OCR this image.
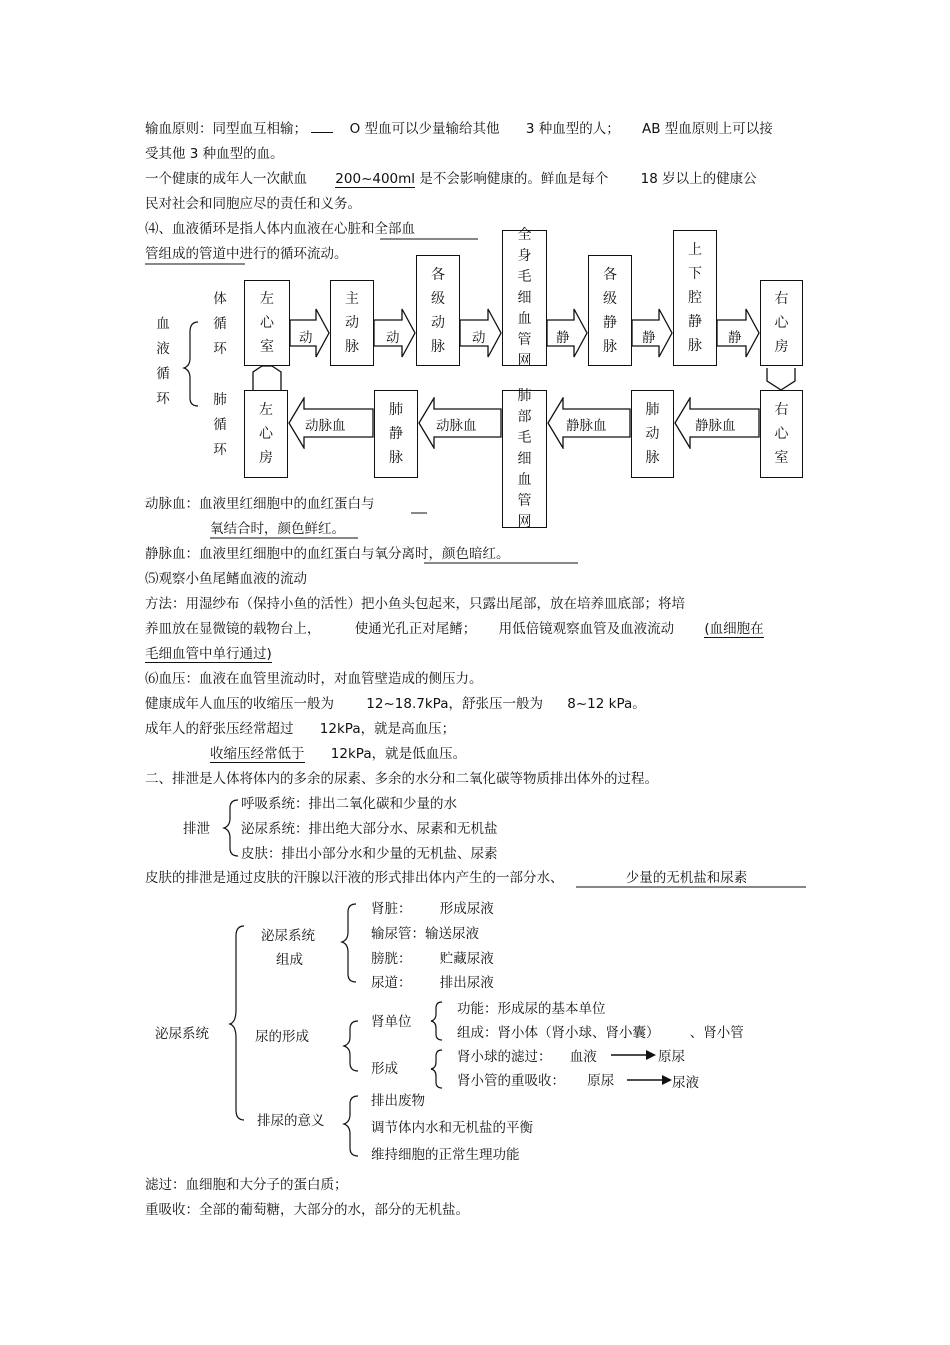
输血原则：同型血互相输；	O 型血可以少量输给其他 3 种血型的人； AB 型血原则上可以接
受其他 3 种血型的血。
一个健康的成年人一次献血 200~400ml 是不会影响健康的。鲜血是每个 18 岁以上的健康公
民对社会和同胞应尽的责任和义务。
⑷、血液循环是指人体内血液在心脏和全部血
管组成的管道中进行的循环流动。
血液循环
体循环
肺循环
左心室
主动脉
各级动脉
全身毛细血管网
各级静脉
上下腔静脉
右心房
动	动	动	静	静	静
左心房
肺静脉
肺部毛细血管网
肺动脉
右心室
动脉血	动脉血	静脉血	静脉血
动脉血：血液里红细胞中的血红蛋白与
氧结合时，颜色鲜红。
静脉血：血液里红细胞中的血红蛋白与氧分离时，颜色暗红。
⑸观察小鱼尾鳍血液的流动
方法：用湿纱布（保持小鱼的活性）把小鱼头包起来，只露出尾部，放在培养皿底部；将培
养皿放在显微镜的载物台上，	使通光孔正对尾鳍； 用低倍镜观察血管及血液流动 (血细胞在
毛细血管中单行通过)
⑹血压：血液在血管里流动时，对血管壁造成的侧压力。
健康成年人血压的收缩压一般为 12~18.7kPa，舒张压一般为 8~12 kPa。
成年人的舒张压经常超过 12kPa，就是高血压；
收缩压经常低于 12kPa，就是低血压。
二、排泄是人体将体内的多余的尿素、多余的水分和二氧化碳等物质排出体外的过程。
排泄
呼吸系统：排出二氧化碳和少量的水
泌尿系统：排出绝大部分水、尿素和无机盐
皮肤：排出小部分水和少量的无机盐、尿素
皮肤的排泄是通过皮肤的汗腺以汗液的形式排出体内产生的一部分水、	少量的无机盐和尿素
泌尿系统
泌尿系统
组成
肾脏： 形成尿液
输尿管：输送尿液
膀胱： 贮藏尿液
尿道： 排出尿液
尿的形成
肾单位
功能：形成尿的基本单位
组成：肾小体（肾小球、肾小囊） 、肾小管
形成
肾小球的滤过： 血液	原尿
肾小管的重吸收： 原尿	尿液
排尿的意义
排出废物
调节体内水和无机盐的平衡
维持细胞的正常生理功能
滤过：血细胞和大分子的蛋白质；
重吸收：全部的葡萄糖，大部分的水，部分的无机盐。
